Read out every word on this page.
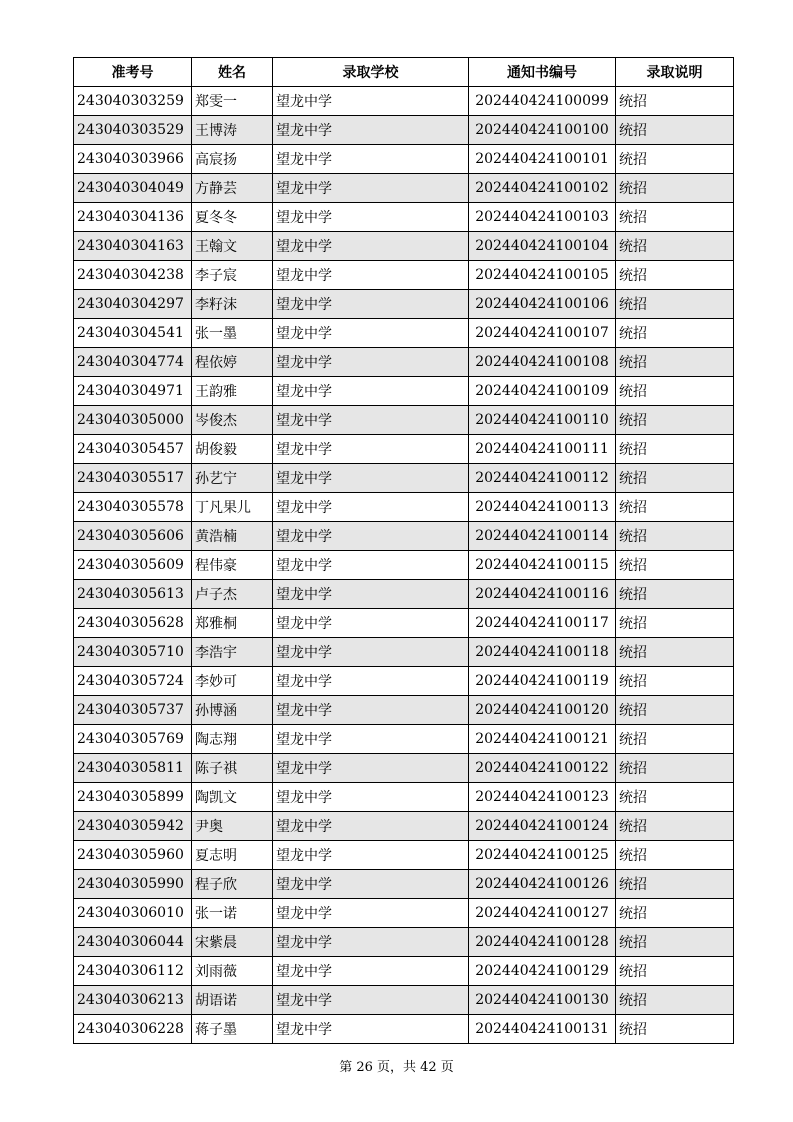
准考号	姓名	录取学校	通知书编号	录取说明
243040303259	郑雯一	望龙中学	202440424100099	统招
243040303529	王博涛	望龙中学	202440424100100	统招
243040303966	高宸扬	望龙中学	202440424100101	统招
243040304049	方静芸	望龙中学	202440424100102	统招
243040304136	夏冬冬	望龙中学	202440424100103	统招
243040304163	王翰文	望龙中学	202440424100104	统招
243040304238	李子宸	望龙中学	202440424100105	统招
243040304297	李籽沫	望龙中学	202440424100106	统招
243040304541	张一墨	望龙中学	202440424100107	统招
243040304774	程依婷	望龙中学	202440424100108	统招
243040304971	王韵雅	望龙中学	202440424100109	统招
243040305000	岑俊杰	望龙中学	202440424100110	统招
243040305457	胡俊毅	望龙中学	202440424100111	统招
243040305517	孙艺宁	望龙中学	202440424100112	统招
243040305578	丁凡果儿	望龙中学	202440424100113	统招
243040305606	黄浩楠	望龙中学	202440424100114	统招
243040305609	程伟豪	望龙中学	202440424100115	统招
243040305613	卢子杰	望龙中学	202440424100116	统招
243040305628	郑雅桐	望龙中学	202440424100117	统招
243040305710	李浩宇	望龙中学	202440424100118	统招
243040305724	李妙可	望龙中学	202440424100119	统招
243040305737	孙博涵	望龙中学	202440424100120	统招
243040305769	陶志翔	望龙中学	202440424100121	统招
243040305811	陈子祺	望龙中学	202440424100122	统招
243040305899	陶凯文	望龙中学	202440424100123	统招
243040305942	尹奥	望龙中学	202440424100124	统招
243040305960	夏志明	望龙中学	202440424100125	统招
243040305990	程子欣	望龙中学	202440424100126	统招
243040306010	张一诺	望龙中学	202440424100127	统招
243040306044	宋紫晨	望龙中学	202440424100128	统招
243040306112	刘雨薇	望龙中学	202440424100129	统招
243040306213	胡语诺	望龙中学	202440424100130	统招
243040306228	蒋子墨	望龙中学	202440424100131	统招
第 26 页，共 42 页
